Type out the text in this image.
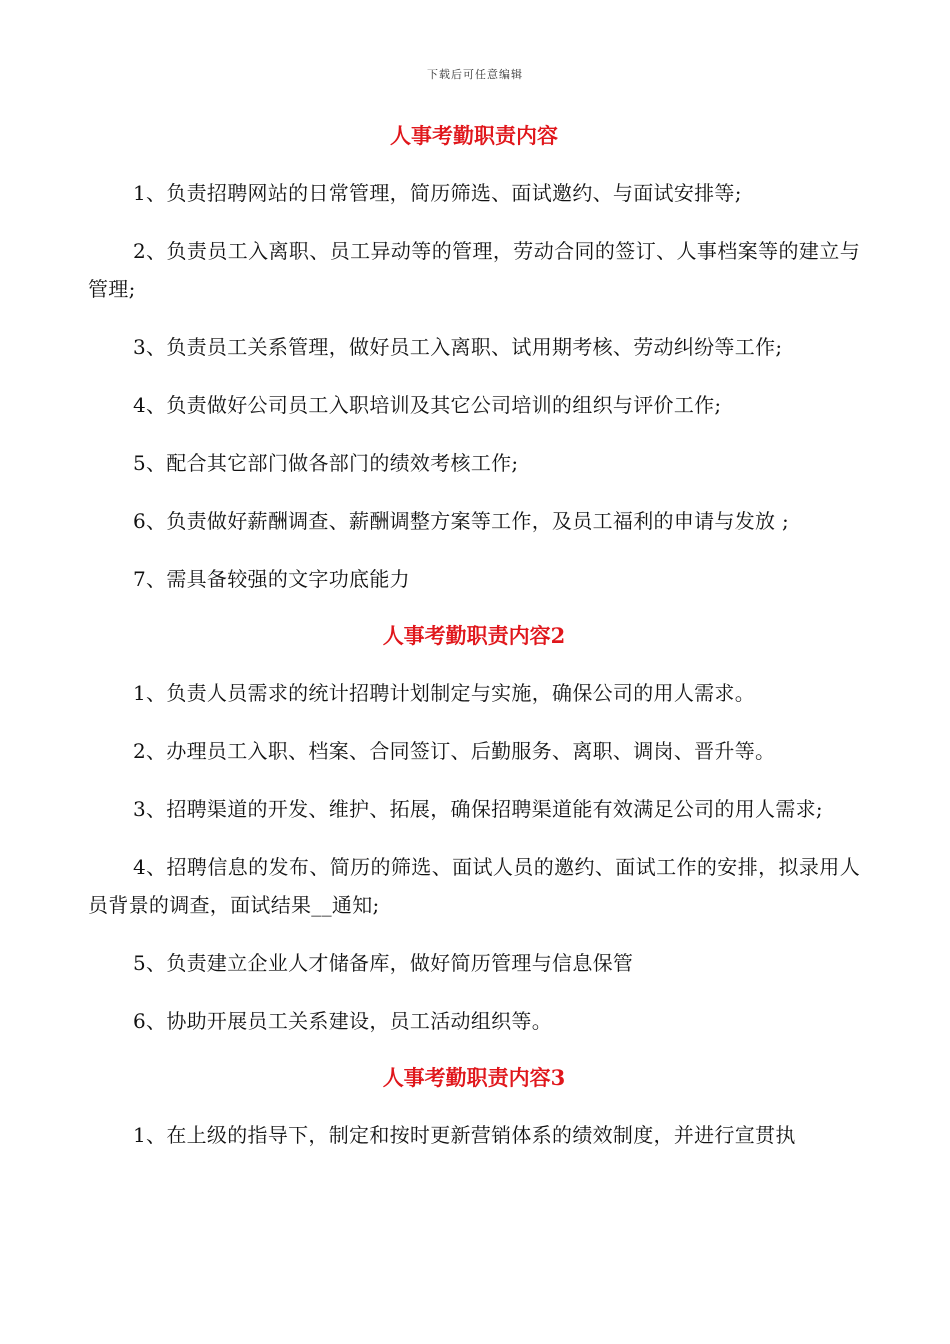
下载后可任意编辑
人事考勤职责内容

1、负责招聘网站的日常管理，简历筛选、面试邀约、与面试安排等;

2、负责员工入离职、员工异动等的管理，劳动合同的签订、人事档案等的建立与管理;

3、负责员工关系管理，做好员工入离职、试用期考核、劳动纠纷等工作;

4、负责做好公司员工入职培训及其它公司培训的组织与评价工作;

5、配合其它部门做各部门的绩效考核工作;

6、负责做好薪酬调查、薪酬调整方案等工作，及员工福利的申请与发放 ;

7、需具备较强的文字功底能力

人事考勤职责内容2

1、负责人员需求的统计招聘计划制定与实施，确保公司的用人需求。

2、办理员工入职、档案、合同签订、后勤服务、离职、调岗、晋升等。

3、招聘渠道的开发、维护、拓展，确保招聘渠道能有效满足公司的用人需求;

4、招聘信息的发布、简历的筛选、面试人员的邀约、面试工作的安排，拟录用人员背景的调查，面试结果__通知;

5、负责建立企业人才储备库，做好简历管理与信息保管

6、协助开展员工关系建设，员工活动组织等。

人事考勤职责内容3

1、在上级的指导下，制定和按时更新营销体系的绩效制度，并进行宣贯执
